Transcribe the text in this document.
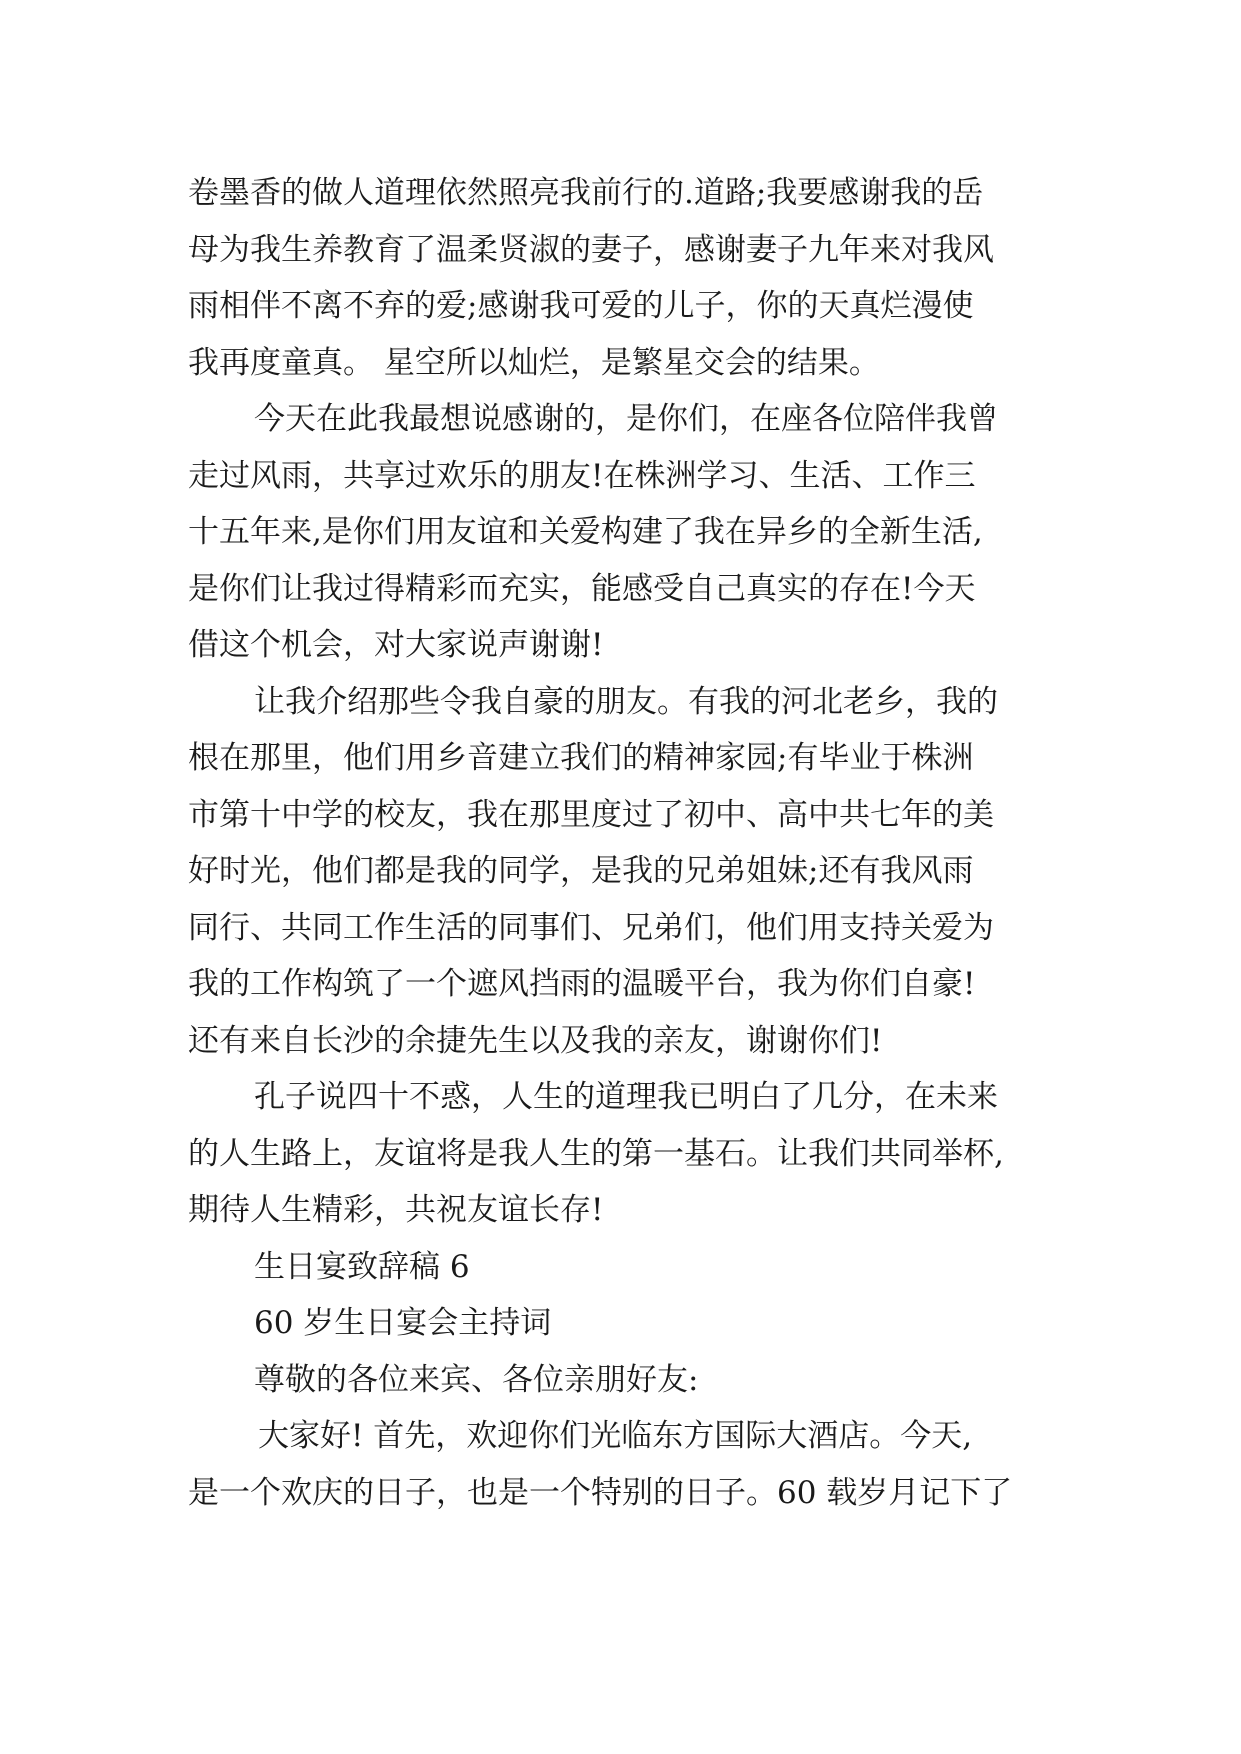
卷墨香的做人道理依然照亮我前行的.道路;我要感谢我的岳
母为我生养教育了温柔贤淑的妻子，感谢妻子九年来对我风
雨相伴不离不弃的爱;感谢我可爱的儿子，你的天真烂漫使
我再度童真。 星空所以灿烂，是繁星交会的结果。
今天在此我最想说感谢的，是你们，在座各位陪伴我曾
走过风雨，共享过欢乐的朋友!在株洲学习、生活、工作三
十五年来,是你们用友谊和关爱构建了我在异乡的全新生活,
是你们让我过得精彩而充实，能感受自己真实的存在!今天
借这个机会，对大家说声谢谢!
让我介绍那些令我自豪的朋友。有我的河北老乡，我的
根在那里，他们用乡音建立我们的精神家园;有毕业于株洲
市第十中学的校友，我在那里度过了初中、高中共七年的美
好时光，他们都是我的同学，是我的兄弟姐妹;还有我风雨
同行、共同工作生活的同事们、兄弟们，他们用支持关爱为
我的工作构筑了一个遮风挡雨的温暖平台，我为你们自豪!
还有来自长沙的余捷先生以及我的亲友，谢谢你们!
孔子说四十不惑，人生的道理我已明白了几分，在未来
的人生路上，友谊将是我人生的第一基石。让我们共同举杯,
期待人生精彩，共祝友谊长存!
生日宴致辞稿 6
60 岁生日宴会主持词
尊敬的各位来宾、各位亲朋好友:
大家好! 首先，欢迎你们光临东方国际大酒店。今天,
是一个欢庆的日子，也是一个特别的日子。60 载岁月记下了
